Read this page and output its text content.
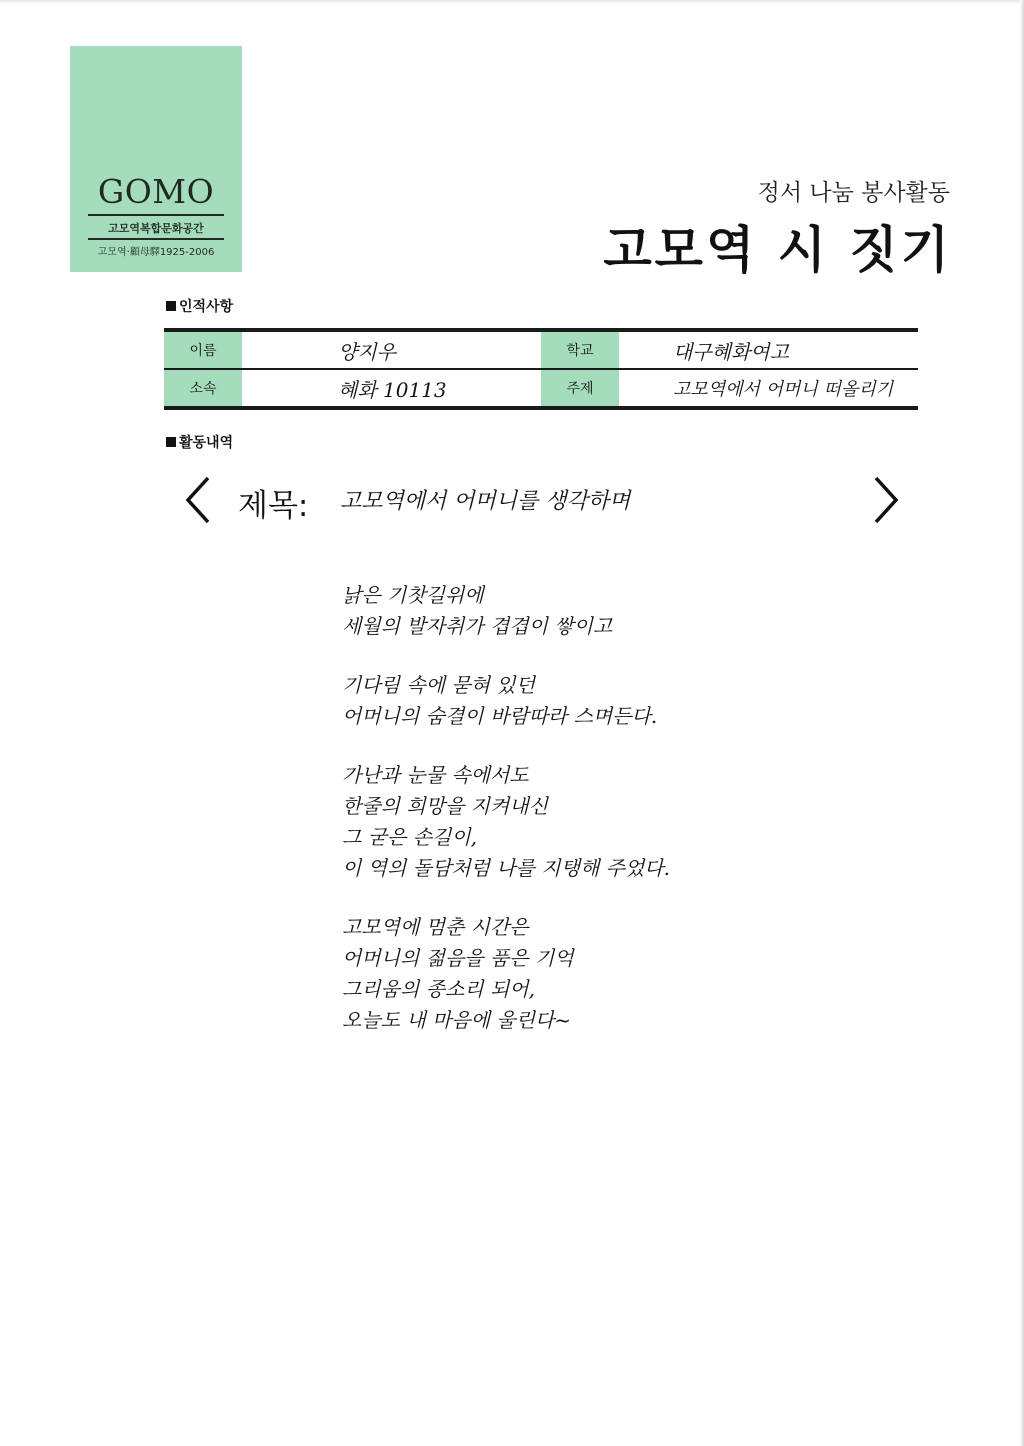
GOMO
고모역복합문화공간
고모역·顧母驛1925-2006
정서 나눔 봉사활동
고모역 시 짓기
인적사항
이름	양지우	학교	대구혜화여고
소속	혜화 10113	주제	고모역에서 어머니 떠올리기
활동내역
제목: 고모역에서 어머니를 생각하며
낡은 기찻길위에
세월의 발자취가 겹겹이 쌓이고
기다림 속에 묻혀 있던
어머니의 숨결이 바람따라 스며든다.
가난과 눈물 속에서도
한줄의 희망을 지켜내신
그 굳은 손길이,
이 역의 돌담처럼 나를 지탱해 주었다.
고모역에 멈춘 시간은
어머니의 젊음을 품은 기억
그리움의 종소리 되어,
오늘도 내 마음에 울린다~
